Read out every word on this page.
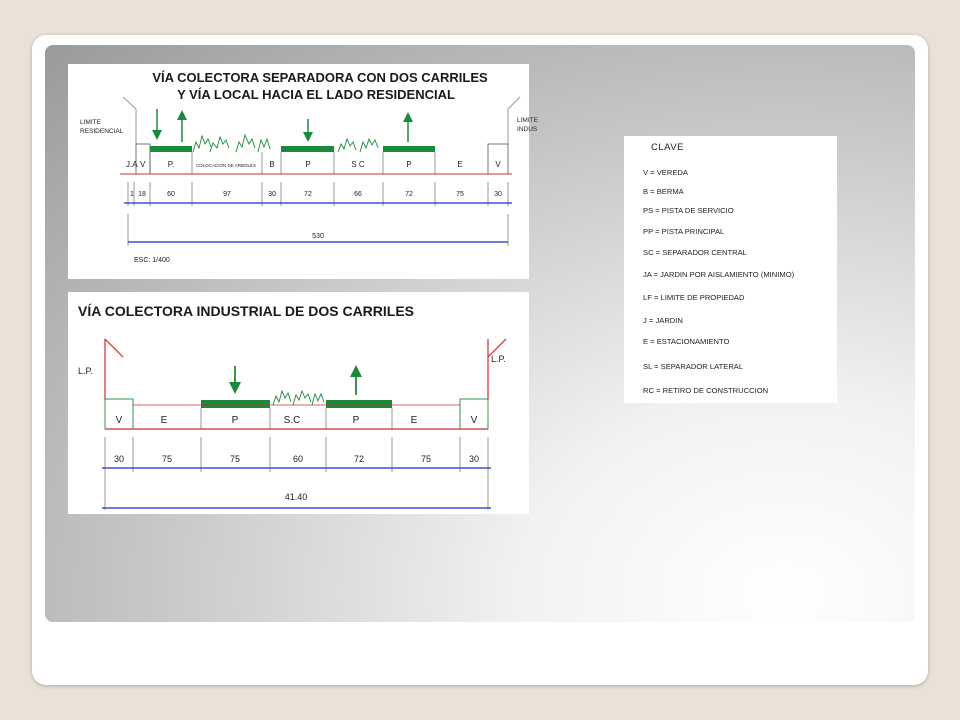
VÍA COLECTORA SEPARADORA CON DOS CARRILES
Y VÍA LOCAL HACIA EL LADO RESIDENCIAL
LIMITE
RESIDENCIAL
LIMITE
INDUS
J.A V	P.	COLOCACION DE ARBOLES B	P	S C	P	E	V
1 18	60	97	30	72	66	72	75	30
530
ESC: 1/400
VÍA COLECTORA INDUSTRIAL DE DOS CARRILES
L.P.
L.P.
V	E	P	S.C	P	E	V
30	75	75	60	72	75	30
41.40
CLAVE
V = VEREDA
B = BERMA
PS = PISTA DE SERVICIO
PP = PISTA PRINCIPAL
SC = SEPARADOR CENTRAL
JA = JARDIN POR AISLAMIENTO (MINIMO)
LF = LIMITE DE PROPIEDAD
J = JARDIN
E = ESTACIONAMIENTO
SL = SEPARADOR LATERAL
RC = RETIRO DE CONSTRUCCION
